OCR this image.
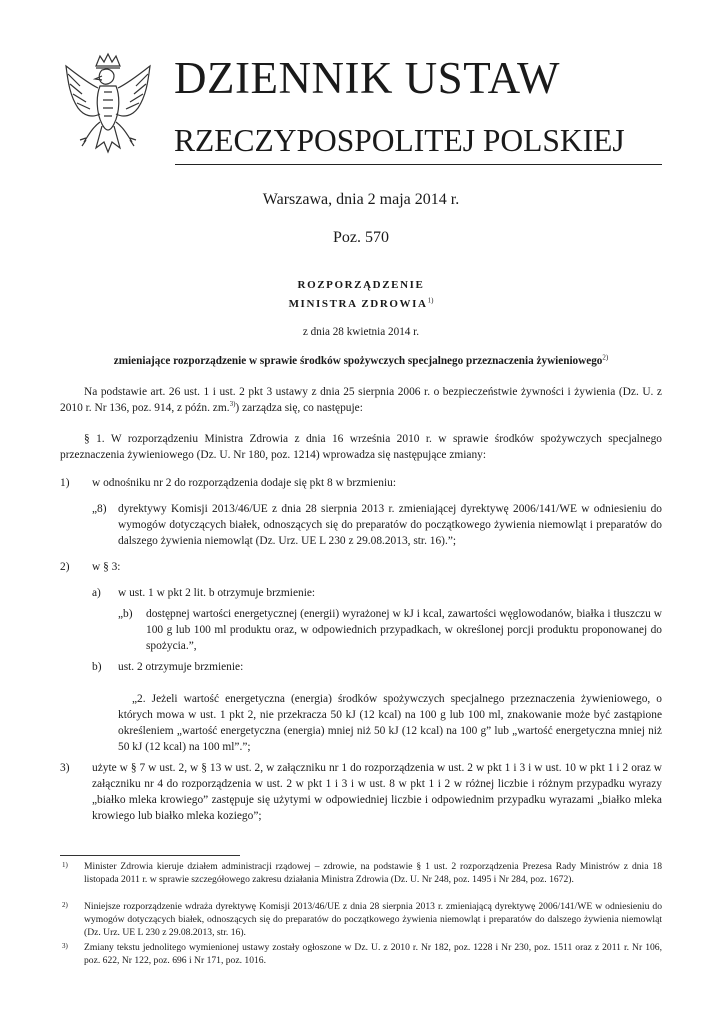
DZIENNIK USTAW
RZECZYPOSPOLITEJ POLSKIEJ
Warszawa, dnia 2 maja 2014 r.
Poz. 570
ROZPORZĄDZENIE
MINISTRA ZDROWIA$^{1)}$
z dnia 28 kwietnia 2014 r.
zmieniające rozporządzenie w sprawie środków spożywczych specjalnego przeznaczenia żywieniowego$^{2)}$

Na podstawie art. 26 ust. 1 i ust. 2 pkt 3 ustawy z dnia 25 sierpnia 2006 r. o bezpieczeństwie żywności i żywienia (Dz. U. z 2010 r. Nr 136, poz. 914, z późn. zm.$^{3)}$) zarządza się, co następuje:

§ 1. W rozporządzeniu Ministra Zdrowia z dnia 16 września 2010 r. w sprawie środków spożywczych specjalnego przeznaczenia żywieniowego (Dz. U. Nr 180, poz. 1214) wprowadza się następujące zmiany:

1)	w odnośniku nr 2 do rozporządzenia dodaje się pkt 8 w brzmieniu:

„8)	dyrektywy Komisji 2013/46/UE z dnia 28 sierpnia 2013 r. zmieniającej dyrektywę 2006/141/WE w odniesieniu do wymogów dotyczących białek, odnoszących się do preparatów do początkowego żywienia niemowląt i preparatów do dalszego żywienia niemowląt (Dz. Urz. UE L 230 z 29.08.2013, str. 16).”;

2)	w § 3:

a)	w ust. 1 w pkt 2 lit. b otrzymuje brzmienie:

„b)	dostępnej wartości energetycznej (energii) wyrażonej w kJ i kcal, zawartości węglowodanów, białka i tłuszczu w 100 g lub 100 ml produktu oraz, w odpowiednich przypadkach, w określonej porcji produktu proponowanej do spożycia.”,

b)	ust. 2 otrzymuje brzmienie:

„2. Jeżeli wartość energetyczna (energia) środków spożywczych specjalnego przeznaczenia żywieniowego, o których mowa w ust. 1 pkt 2, nie przekracza 50 kJ (12 kcal) na 100 g lub 100 ml, znakowanie może być zastąpione określeniem „wartość energetyczna (energia) mniej niż 50 kJ (12 kcal) na 100 g” lub „wartość energetyczna mniej niż 50 kJ (12 kcal) na 100 ml”.”;

3)	użyte w § 7 w ust. 2, w § 13 w ust. 2, w załączniku nr 1 do rozporządzenia w ust. 2 w pkt 1 i 3 i w ust. 10 w pkt 1 i 2 oraz w załączniku nr 4 do rozporządzenia w ust. 2 w pkt 1 i 3 i w ust. 8 w pkt 1 i 2 w różnej liczbie i różnym przypadku wyrazy „białko mleka krowiego” zastępuje się użytymi w odpowiedniej liczbie i odpowiednim przypadku wyrazami „białko mleka krowiego lub białko mleka koziego”;

1) Minister Zdrowia kieruje działem administracji rządowej – zdrowie, na podstawie § 1 ust. 2 rozporządzenia Prezesa Rady Ministrów z dnia 18 listopada 2011 r. w sprawie szczegółowego zakresu działania Ministra Zdrowia (Dz. U. Nr 248, poz. 1495 i Nr 284, poz. 1672).

2) Niniejsze rozporządzenie wdraża dyrektywę Komisji 2013/46/UE z dnia 28 sierpnia 2013 r. zmieniającą dyrektywę 2006/141/WE w odniesieniu do wymogów dotyczących białek, odnoszących się do preparatów do początkowego żywienia niemowląt i preparatów do dalszego żywienia niemowląt (Dz. Urz. UE L 230 z 29.08.2013, str. 16).

3) Zmiany tekstu jednolitego wymienionej ustawy zostały ogłoszone w Dz. U. z 2010 r. Nr 182, poz. 1228 i Nr 230, poz. 1511 oraz z 2011 r. Nr 106, poz. 622, Nr 122, poz. 696 i Nr 171, poz. 1016.
